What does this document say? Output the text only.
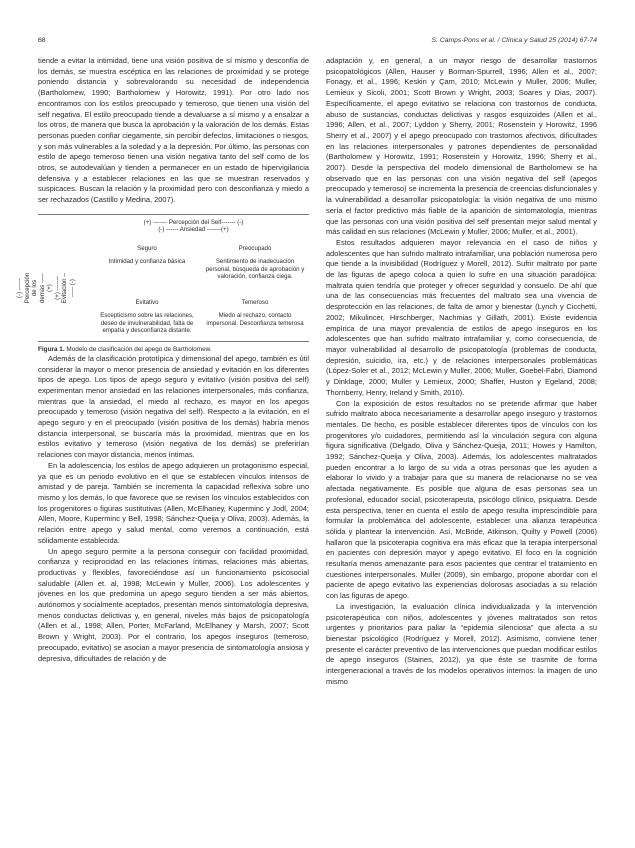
68	S. Camps-Pons et al. / Clínica y Salud 25 (2014) 67-74

tiende a evitar la intimidad, tiene una visión positiva de sí mismo y desconfía de los demás, se muestra escéptica en las relaciones de proximidad y se protege poniendo distancia y sobrevalorando su necesidad de independencia (Bartholomew, 1990; Bartholomew y Horowitz, 1991). Por otro lado nos encontramos con los estilos preocupado y temeroso, que tienen una visión del self negativa. El estilo preocupado tiende a devaluarse a sí mismo y a ensalzar a los otros, de manera que busca la aprobación y la valoración de los demás. Estas personas pueden confiar ciegamente, sin percibir defectos, limitaciones o riesgos, y son más vulnerables a la soledad y a la depresión. Por último, las personas con estilo de apego temeroso tienen una visión negativa tanto del self como de los otros, se autodevalúan y tienden a permanecer en un estado de hipervigilancia defensiva y a establecer relaciones en las que se muestran reservados y suspicaces. Buscan la relación y la proximidad pero con desconfianza y miedo a ser rechazados (Castillo y Medina, 2007).

(+) ------- Percepción del Self------- (-)
(-) ------ Ansiedad -------(+)
(-) ------ Percepción de los demás ----- (+)
(+) ------- Evitación ------- (-)
Seguro
Intimidad y confianza básica
Preocupado
Sentimiento de inadecuación personal, búsqueda de aprobación y valoración, confianza ciega.
Evitativo
Escepticismo sobre las relaciones, deseo de invulnerabilidad, falta de empatía y desconfianza distante.
Temeroso
Miedo al rechazo, contacto impersonal. Desconfianza temerosa

Figura 1. Modelo de clasificación del apego de Bartholomew.

Además de la clasificación prototípica y dimensional del apego, también es útil considerar la mayor o menor presencia de ansiedad y evitación en los diferentes tipos de apego. Los tipos de apego seguro y evitativo (visión positiva del self) experimentan menor ansiedad en las relaciones interpersonales, más confianza, mientras que la ansiedad, el miedo al rechazo, es mayor en los apegos preocupado y temeroso (visión negativa del self). Respecto a la evitación, en el apego seguro y en el preocupado (visión positiva de los demás) habría menos distancia interpersonal, se buscaría más la proximidad, mientras que en los estilos evitativo y temeroso (visión negativa de los demás) se preferirían relaciones con mayor distancia, menos íntimas.

En la adolescencia, los estilos de apego adquieren un protagonismo especial, ya que es un periodo evolutivo en el que se establecen vínculos intensos de amistad y de pareja. También se incrementa la capacidad reflexiva sobre uno mismo y los demás, lo que favorece que se revisen los vínculos establecidos con los progenitores o figuras sustitutivas (Allen, McElhaney, Kuperminc y Jodl, 2004; Allen, Moore, Kuperminc y Bell, 1998; Sánchez-Queija y Oliva, 2003). Además, la relación entre apego y salud mental, como veremos a continuación, está sólidamente establecida.

Un apego seguro permite a la persona conseguir con facilidad proximidad, confianza y reciprocidad en las relaciones íntimas, relaciones más abiertas, productivas y flexibles, favoreciéndose así un funcionamiento psicosocial saludable (Allen et. al, 1998; McLewin y Muller, 2006). Los adolescentes y jóvenes en los que predomina un apego seguro tienden a ser más abiertos, autónomos y socialmente aceptados, presentan menos sintomatología depresiva, menos conductas delictivas y, en general, niveles más bajos de psicopatología (Allen et al., 1998; Allen, Porter, McFarland, McElhaney y Marsh, 2007; Scott Brown y Wright, 2003). Por el contrario, los apegos inseguros (temeroso, preocupado, evitativo) se asocian a mayor presencia de sintomatología ansiosa y depresiva, dificultades de relación y de

adaptación y, en general, a un mayor riesgo de desarrollar trastornos psicopatológicos (Allen, Hauser y Borman-Spurrell, 1996; Allen et al., 2007; Fonagy, et al., 1996; Keskin y Çam, 2010; McLewin y Muller, 2006; Muller, Lemieux y Sicoli, 2001; Scott Brown y Wright, 2003; Soares y Dias, 2007). Específicamente, el apego evitativo se relaciona con trastornos de conducta, abuso de sustancias, conductas delictivas y rasgos esquizoides (Allen et al., 1996; Allen, et al., 2007; Lyddon y Sherry, 2001; Rosenstein y Horowitz, 1996 Sherry et al., 2007) y el apego preocupado con trastornos afectivos, dificultades en las relaciones interpersonales y patrones dependientes de personalidad (Bartholomew y Horowitz, 1991; Rosenstein y Horowitz, 1996; Sherry et al., 2007). Desde la perspectiva del modelo dimensional de Bartholomew se ha observado que en las personas con una visión negativa del self (apegos preocupado y temeroso) se incrementa la presencia de creencias disfuncionales y la vulnerabilidad a desarrollar psicopatología: la visión negativa de uno mismo sería el factor predictivo más fiable de la aparición de sintomatología, mientras que las personas con una visión positiva del self presentan mejor salud mental y más calidad en sus relaciones (McLewin y Muller, 2006; Muller, et al., 2001).

Estos resultados adquieren mayor relevancia en el caso de niños y adolescentes que han sufrido maltrato intrafamiliar, una población numerosa pero que tiende a la invisibilidad (Rodríguez y Morell, 2012). Sufrir maltrato por parte de las figuras de apego coloca a quien lo sufre en una situación paradójica: maltrata quien tendría que proteger y ofrecer seguridad y consuelo. De ahí que una de las consecuencias más frecuentes del maltrato sea una vivencia de desprotección en las relaciones, de falta de amor y bienestar (Lynch y Cicchetti, 2002; Mikulincer, Hirschberger, Nachmias y Gillath, 2001). Existe evidencia empírica de una mayor prevalencia de estilos de apego inseguros en los adolescentes que han sufrido maltrato intrafamiliar y, como consecuencia, de mayor vulnerabilidad al desarrollo de psicopatología (problemas de conducta, depresión, suicidio, ira, etc.) y de relaciones interpersonales problemáticas (López-Soler et al., 2012; McLewin y Muller, 2006; Muller, Goebel-Fabri, Diamond y Dinklage, 2000; Muller y Lemieux, 2000; Shaffer, Huston y Egeland, 2008; Thornberry, Henry, Ireland y Smith, 2010).

Con la exposición de estos resultados no se pretende afirmar que haber sufrido maltrato aboca necesariamente a desarrollar apego inseguro y trastornos mentales. De hecho, es posible establecer diferentes tipos de vínculos con los progenitores y/o cuidadores, permitiendo así la vinculación segura con alguna figura significativa (Delgado, Oliva y Sánchez-Queija, 2011; Howes y Hamilton, 1992; Sánchez-Queija y Oliva, 2003). Además, los adolescentes maltratados pueden encontrar a lo largo de su vida a otras personas que les ayuden a elaborar lo vivido y a trabajar para que su manera de relacionarse no se vea afectada negativamente. Es posible que alguna de esas personas sea un profesional, educador social, psicoterapeuta, psicólogo clínico, psiquiatra. Desde esta perspectiva, tener en cuenta el estilo de apego resulta imprescindible para formular la problemática del adolescente, establecer una alianza terapéutica sólida y plantear la intervención. Así, McBride, Atkinson, Quilty y Powell (2006) hallaron que la psicoterapia cognitiva era más eficaz que la terapia interpersonal en pacientes con depresión mayor y apego evitativo. El foco en la cognición resultaría menos amenazante para esos pacientes que centrar el tratamiento en cuestiones interpersonales. Muller (2009), sin embargo, propone abordar con el paciente de apego evitativo las experiencias dolorosas asociadas a su relación con las figuras de apego.

La investigación, la evaluación clínica individualizada y la intervención psicoterapéutica con niños, adolescentes y jóvenes maltratados son retos urgentes y prioritarios para paliar la “epidemia silenciosa” que afecta a su bienestar psicológico (Rodríguez y Morell, 2012). Asimismo, conviene tener presente el carácter preventivo de las intervenciones que puedan modificar estilos de apego inseguros (Staines, 2012), ya que éste se trasmite de forma intergeneracional a través de los modelos operativos internos: la imagen de uno mismo
